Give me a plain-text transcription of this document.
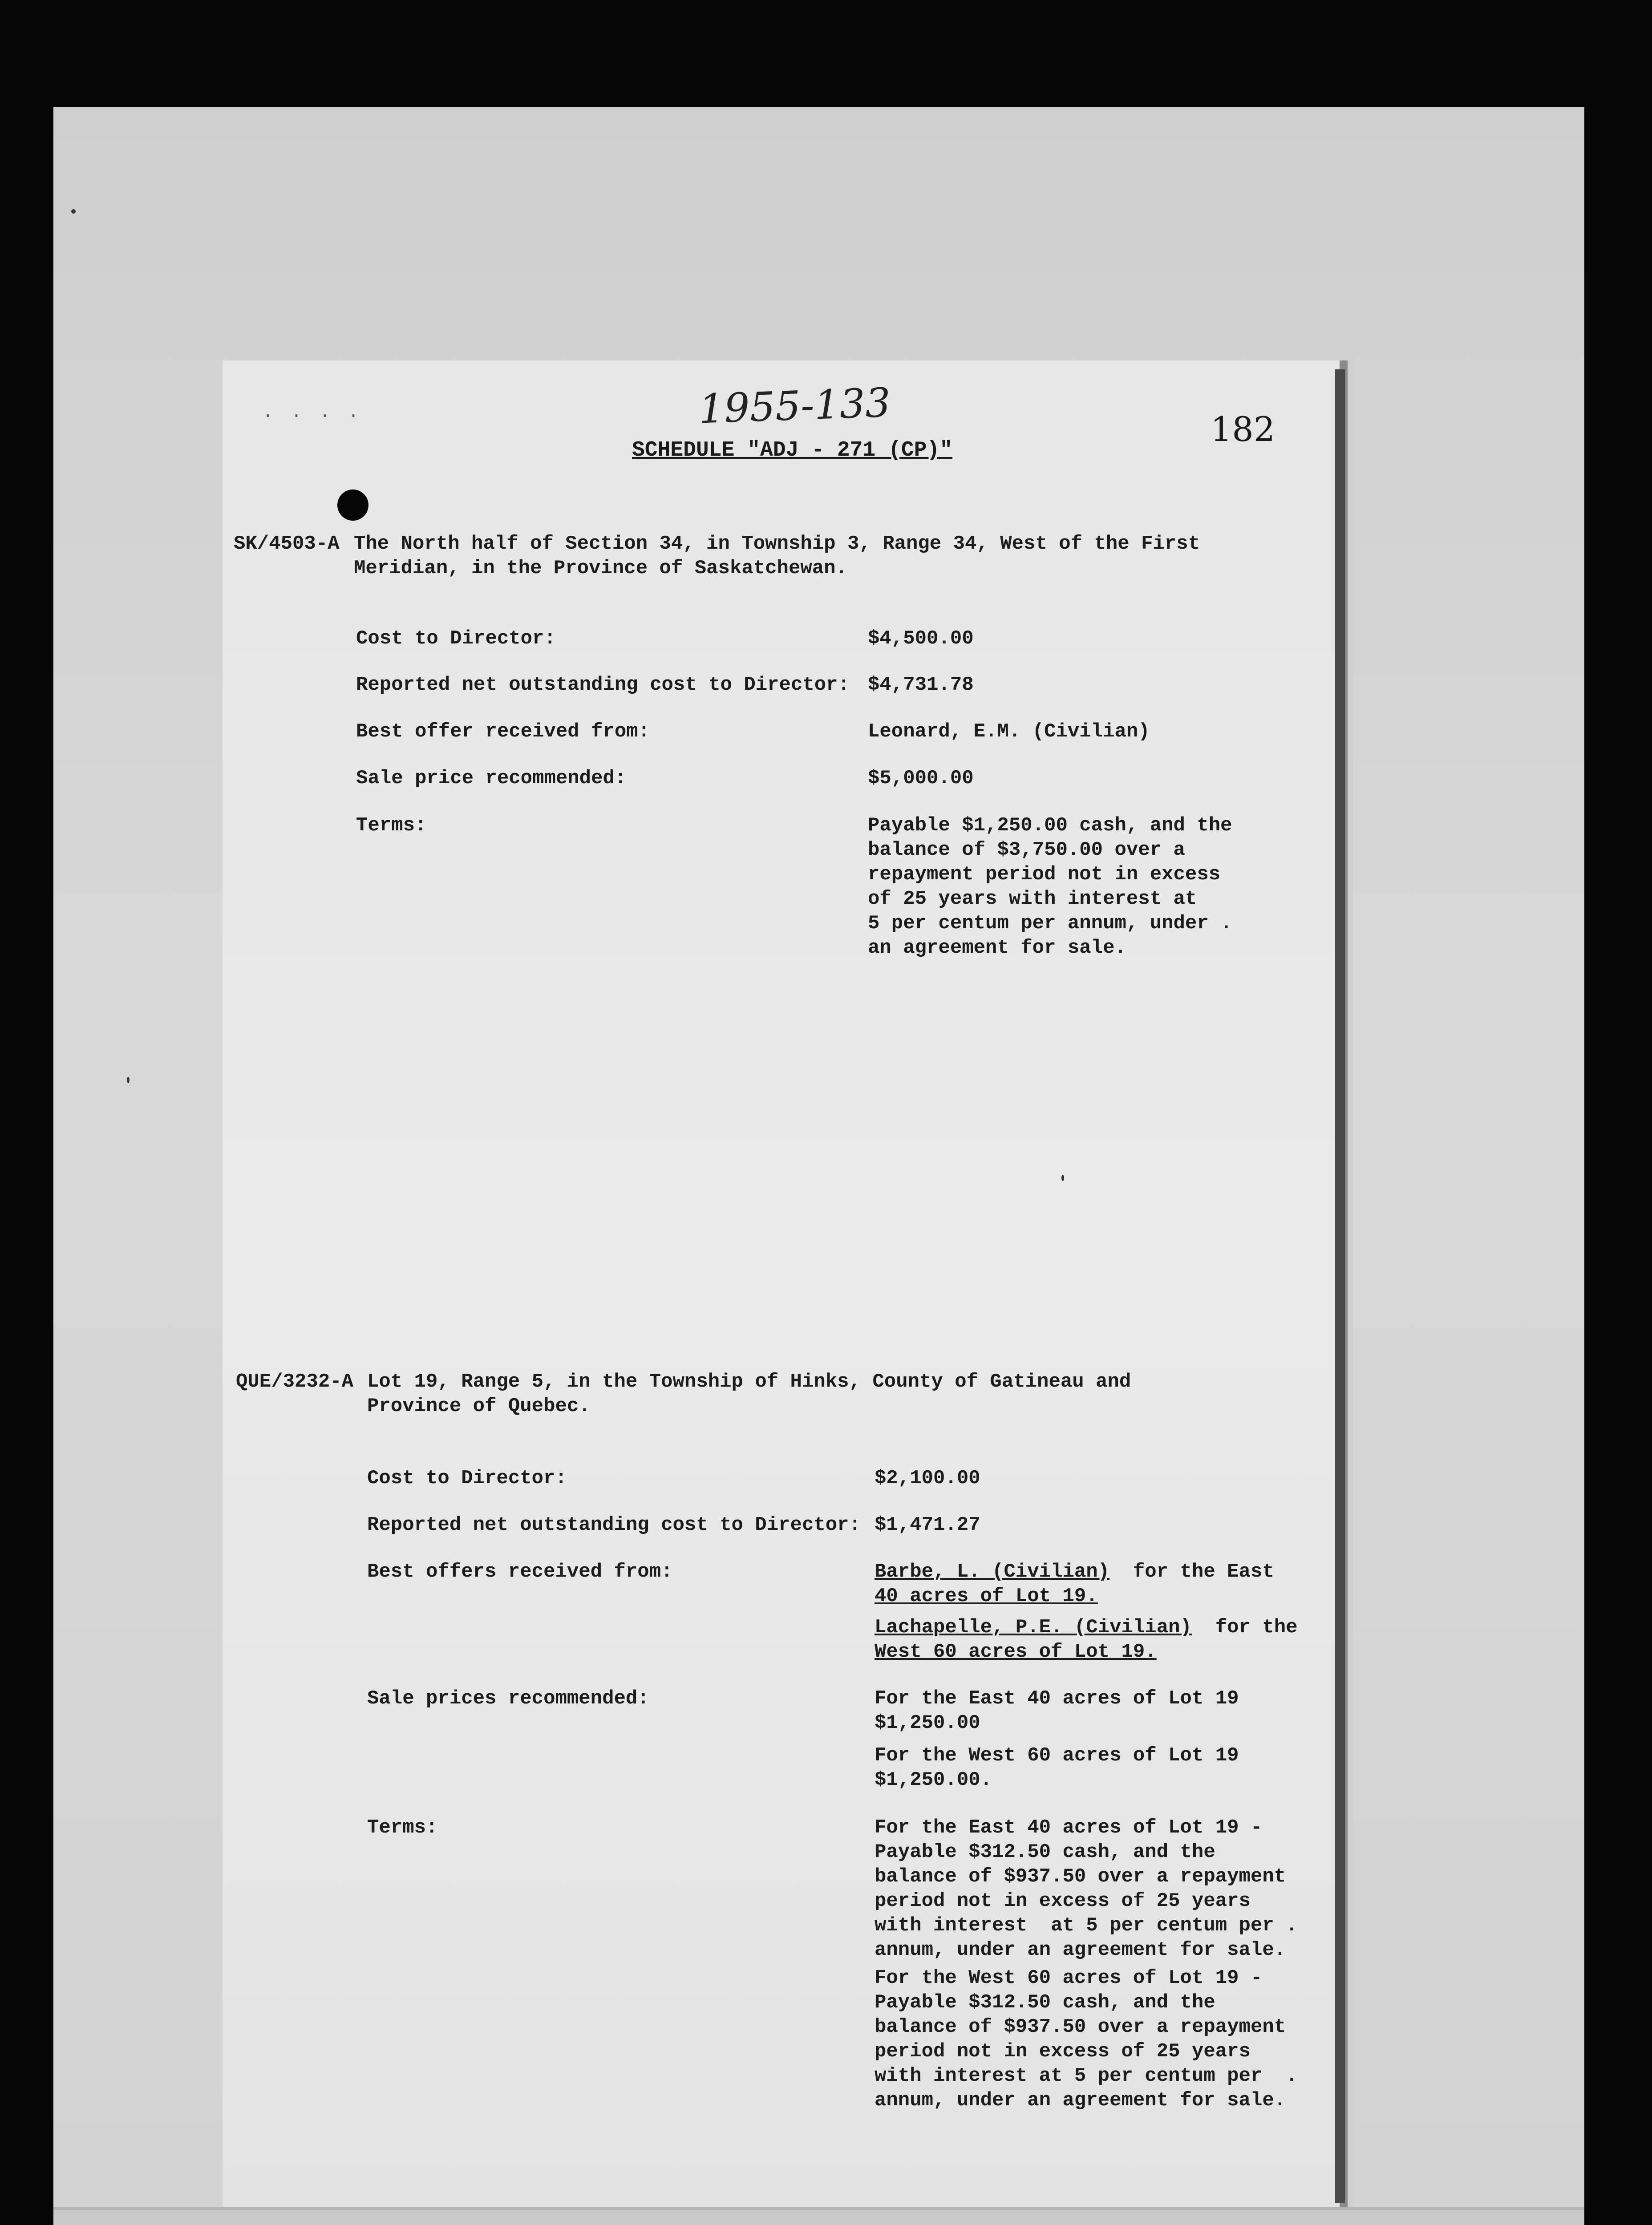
. . . .	1955-133	182
SCHEDULE "ADJ - 271 (CP)"
SK/4503-A The North half of Section 34, in Township 3, Range 34, West of the First
Meridian, in the Province of Saskatchewan.
Cost to Director:	$4,500.00
Reported net outstanding cost to Director: $4,731.78
Best offer received from:	Leonard, E.M. (Civilian)
Sale price recommended:	$5,000.00
Terms:	Payable $1,250.00 cash, and the
balance of $3,750.00 over a
repayment period not in excess
of 25 years with interest at
5 per centum per annum, under .
an agreement for sale.
QUE/3232-A Lot 19, Range 5, in the Township of Hinks, County of Gatineau and
Province of Quebec.
Cost to Director:	$2,100.00
Reported net outstanding cost to Director: $1,471.27
Best offers received from:	Barbe, L. (Civilian) for the East
40 acres of Lot 19.
Lachapelle, P.E. (Civilian) for the
West 60 acres of Lot 19.
Sale prices recommended:	For the East 40 acres of Lot 19
$1,250.00
For the West 60 acres of Lot 19
$1,250.00.
Terms:	For the East 40 acres of Lot 19 -
Payable $312.50 cash, and the
balance of $937.50 over a repayment
period not in excess of 25 years
with interest  at 5 per centum per .
annum, under an agreement for sale.
For the West 60 acres of Lot 19 -
Payable $312.50 cash, and the
balance of $937.50 over a repayment
period not in excess of 25 years
with interest at 5 per centum per  .
annum, under an agreement for sale.
